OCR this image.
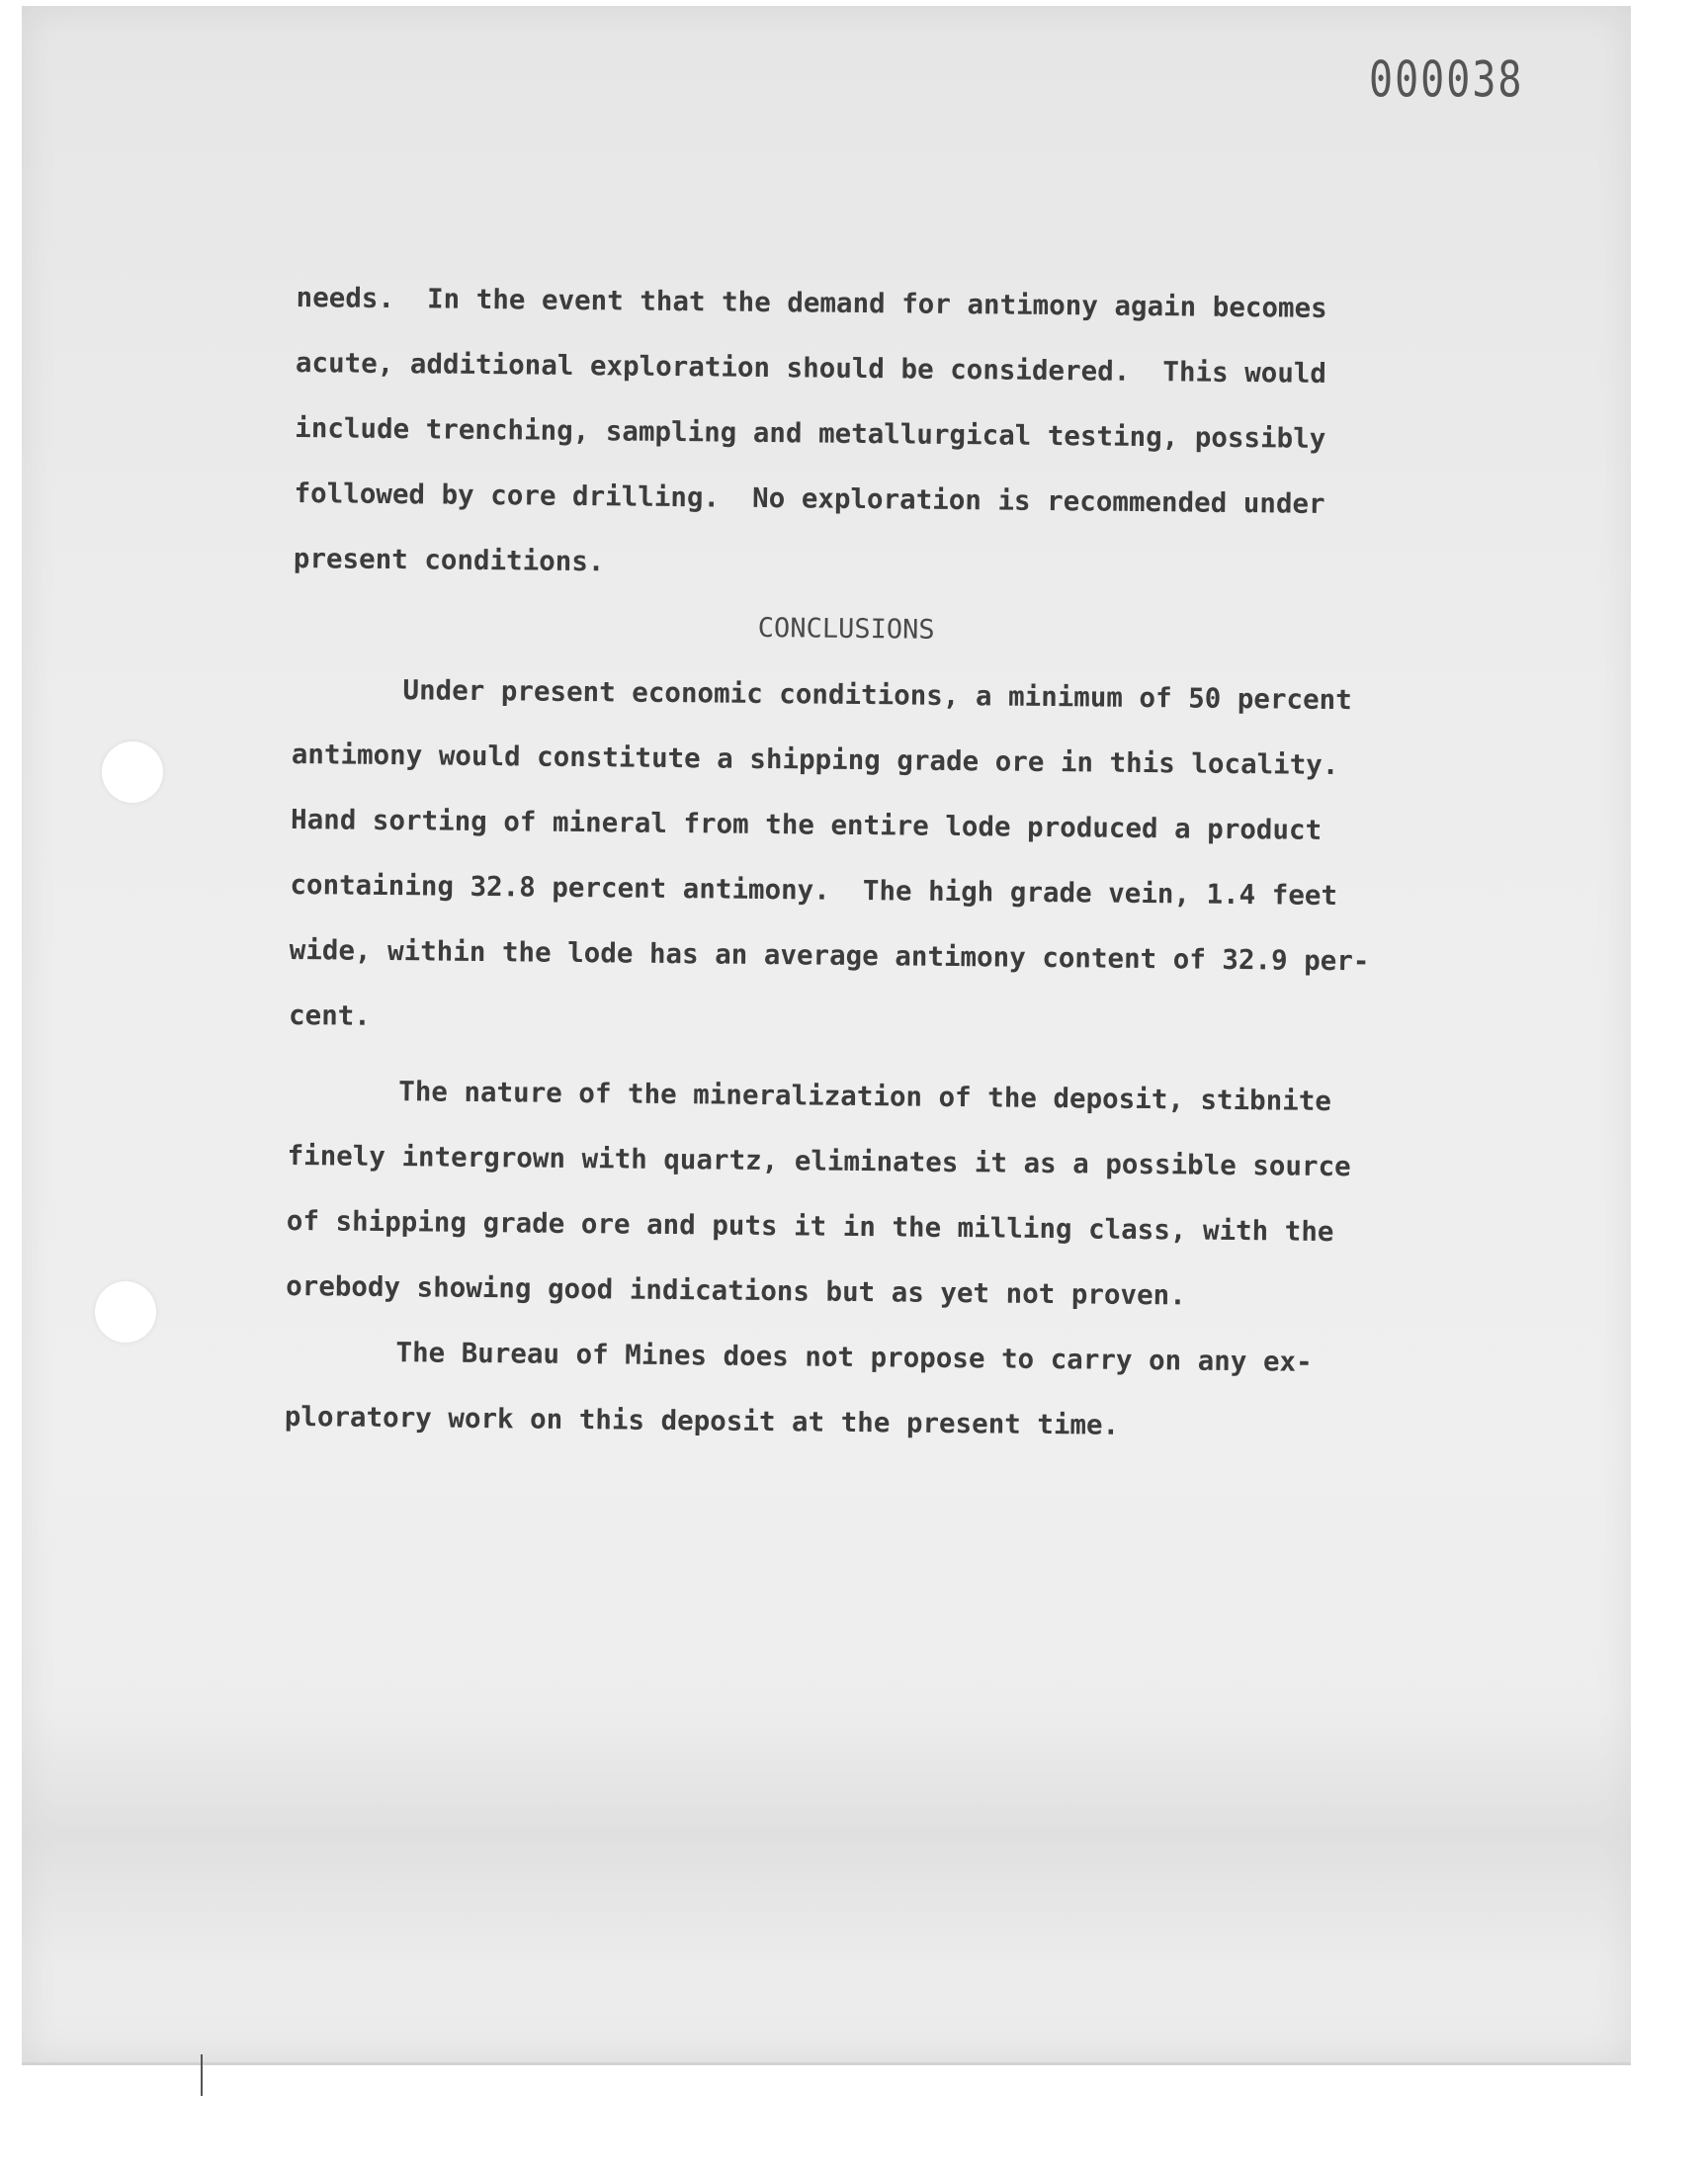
000038
needs.  In the event that the demand for antimony again becomes
acute, additional exploration should be considered.  This would
include trenching, sampling and metallurgical testing, possibly
followed by core drilling.  No exploration is recommended under
present conditions.
CONCLUSIONS
Under present economic conditions, a minimum of 50 percent
antimony would constitute a shipping grade ore in this locality.
Hand sorting of mineral from the entire lode produced a product
containing 32.8 percent antimony.  The high grade vein, 1.4 feet
wide, within the lode has an average antimony content of 32.9 per-
cent.
The nature of the mineralization of the deposit, stibnite
finely intergrown with quartz, eliminates it as a possible source
of shipping grade ore and puts it in the milling class, with the
orebody showing good indications but as yet not proven.
The Bureau of Mines does not propose to carry on any ex-
ploratory work on this deposit at the present time.
